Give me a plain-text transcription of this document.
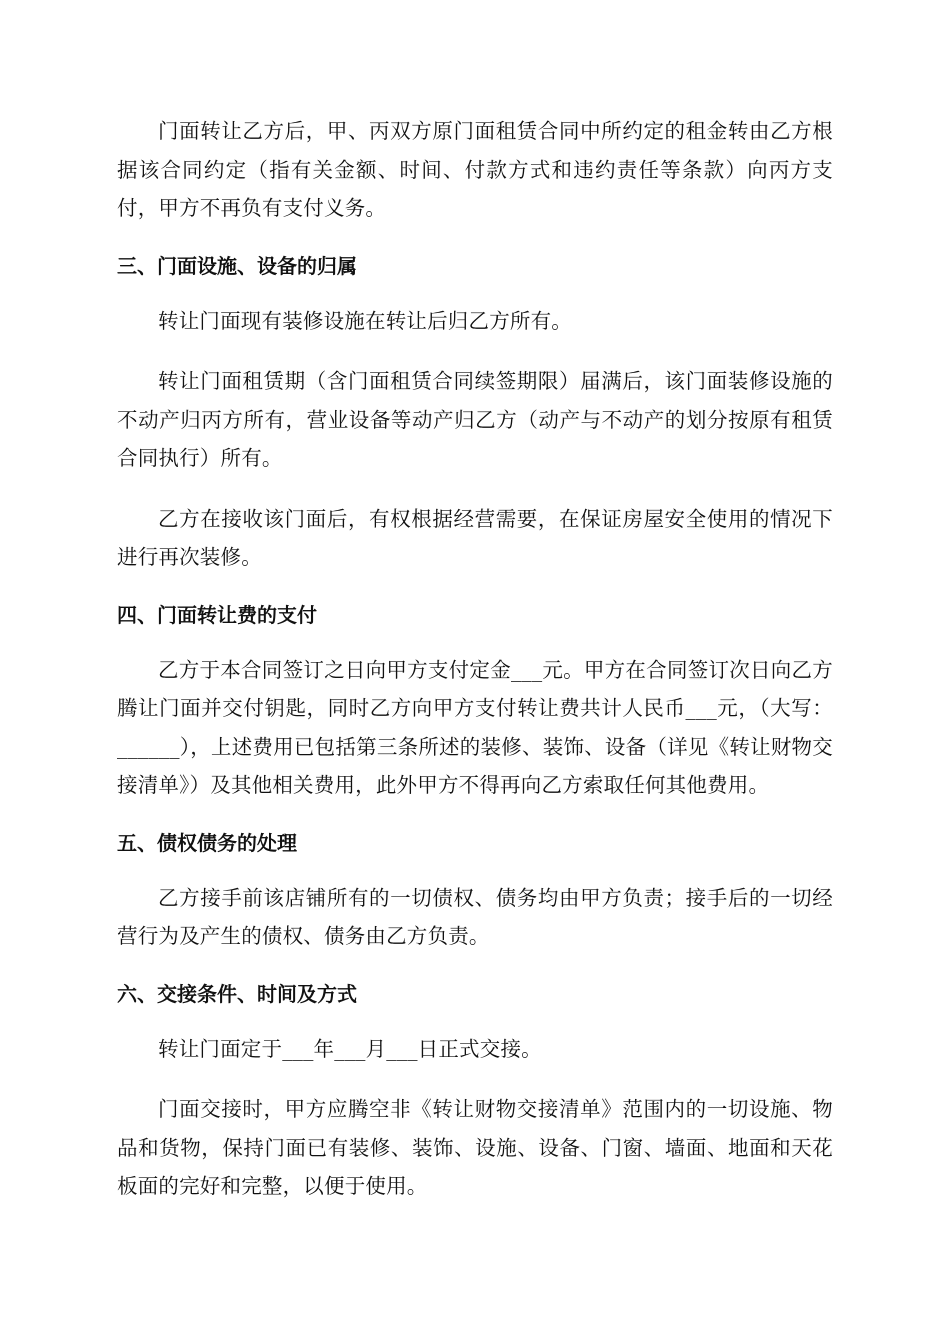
门面转让乙方后，甲、丙双方原门面租赁合同中所约定的租金转由乙方根据该合同约定（指有关金额、时间、付款方式和违约责任等条款）向丙方支付，甲方不再负有支付义务。

三、门面设施、设备的归属

转让门面现有装修设施在转让后归乙方所有。

转让门面租赁期（含门面租赁合同续签期限）届满后，该门面装修设施的不动产归丙方所有，营业设备等动产归乙方（动产与不动产的划分按原有租赁合同执行）所有。

乙方在接收该门面后，有权根据经营需要，在保证房屋安全使用的情况下进行再次装修。

四、门面转让费的支付

乙方于本合同签订之日向甲方支付定金___元。甲方在合同签订次日向乙方腾让门面并交付钥匙，同时乙方向甲方支付转让费共计人民币___元，（大写：______），上述费用已包括第三条所述的装修、装饰、设备（详见《转让财物交接清单》）及其他相关费用，此外甲方不得再向乙方索取任何其他费用。

五、债权债务的处理

乙方接手前该店铺所有的一切债权、债务均由甲方负责；接手后的一切经营行为及产生的债权、债务由乙方负责。

六、交接条件、时间及方式

转让门面定于___年___月___日正式交接。

门面交接时，甲方应腾空非《转让财物交接清单》范围内的一切设施、物品和货物，保持门面已有装修、装饰、设施、设备、门窗、墙面、地面和天花板面的完好和完整，以便于使用。
